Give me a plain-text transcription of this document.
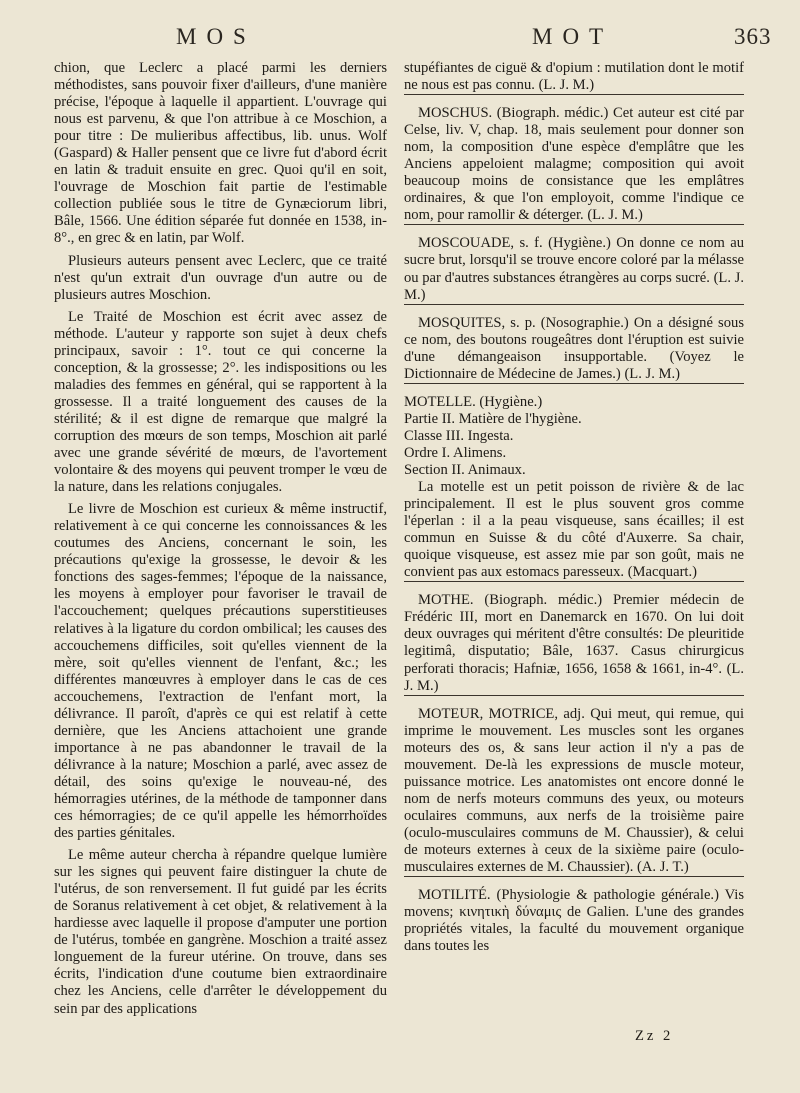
MOS	MOT	363

chion, que Leclerc a placé parmi les derniers méthodistes, sans pouvoir fixer d'ailleurs, d'une manière précise, l'époque à laquelle il appartient. L'ouvrage qui nous est parvenu, & que l'on attribue à ce Moschion, a pour titre : De mulieribus affectibus, lib. unus. Wolf (Gaspard) & Haller pensent que ce livre fut d'abord écrit en latin & traduit ensuite en grec. Quoi qu'il en soit, l'ouvrage de Moschion fait partie de l'estimable collection publiée sous le titre de Gynæciorum libri, Bâle, 1566. Une édition séparée fut donnée en 1538, in-8°., en grec & en latin, par Wolf.

Plusieurs auteurs pensent avec Leclerc, que ce traité n'est qu'un extrait d'un ouvrage d'un autre ou de plusieurs autres Moschion.

Le Traité de Moschion est écrit avec assez de méthode. L'auteur y rapporte son sujet à deux chefs principaux, savoir : 1°. tout ce qui concerne la conception, & la grossesse; 2°. les indispositions ou les maladies des femmes en général, qui se rapportent à la grossesse. Il a traité longuement des causes de la stérilité; & il est digne de remarque que malgré la corruption des mœurs de son temps, Moschion ait parlé avec une grande sévérité de mœurs, de l'avortement volontaire & des moyens qui peuvent tromper le vœu de la nature, dans les relations conjugales.

Le livre de Moschion est curieux & même instructif, relativement à ce qui concerne les connoissances & les coutumes des Anciens, concernant le soin, les précautions qu'exige la grossesse, le devoir & les fonctions des sages-femmes; l'époque de la naissance, les moyens à employer pour favoriser le travail de l'accouchement; quelques précautions superstitieuses relatives à la ligature du cordon ombilical; les causes des accouchemens difficiles, soit qu'elles viennent de la mère, soit qu'elles viennent de l'enfant, &c.; les différentes manœuvres à employer dans le cas de ces accouchemens, l'extraction de l'enfant mort, la délivrance. Il paroît, d'après ce qui est relatif à cette dernière, que les Anciens attachoient une grande importance à ne pas abandonner le travail de la délivrance à la nature; Moschion a parlé, avec assez de détail, des soins qu'exige le nouveau-né, des hémorragies utérines, de la méthode de tamponner dans ces hémorragies; de ce qu'il appelle les hémorrhoïdes des parties génitales.

Le même auteur chercha à répandre quelque lumière sur les signes qui peuvent faire distinguer la chute de l'utérus, de son renversement. Il fut guidé par les écrits de Soranus relativement à cet objet, & relativement à la hardiesse avec laquelle il propose d'amputer une portion de l'utérus, tombée en gangrène. Moschion a traité assez longuement de la fureur utérine. On trouve, dans ses écrits, l'indication d'une coutume bien extraordinaire chez les Anciens, celle d'arrêter le développement du sein par des applications

stupéfiantes de ciguë & d'opium : mutilation dont le motif ne nous est pas connu. (L. J. M.)

MOSCHUS. (Biograph. médic.) Cet auteur est cité par Celse, liv. V, chap. 18, mais seulement pour donner son nom, la composition d'une espèce d'emplâtre que les Anciens appeloient malagme; composition qui avoit beaucoup moins de consistance que les emplâtres ordinaires, & que l'on employoit, comme l'indique ce nom, pour ramollir & déterger. (L. J. M.)

MOSCOUADE, s. f. (Hygiène.) On donne ce nom au sucre brut, lorsqu'il se trouve encore coloré par la mélasse ou par d'autres substances étrangères au corps sucré. (L. J. M.)

MOSQUITES, s. p. (Nosographie.) On a désigné sous ce nom, des boutons rougeâtres dont l'éruption est suivie d'une démangeaison insupportable. (Voyez le Dictionnaire de Médecine de James.) (L. J. M.)

MOTELLE. (Hygiène.)

Partie II. Matière de l'hygiène.

Classe III. Ingesta.

Ordre I. Alimens.

Section II. Animaux.

La motelle est un petit poisson de rivière & de lac principalement. Il est le plus souvent gros comme l'éperlan : il a la peau visqueuse, sans écailles; il est commun en Suisse & du côté d'Auxerre. Sa chair, quoique visqueuse, est assez mie par son goût, mais ne convient pas aux estomacs paresseux. (Macquart.)

MOTHE. (Biograph. médic.) Premier médecin de Frédéric III, mort en Danemarck en 1670. On lui doit deux ouvrages qui méritent d'être consultés: De pleuritide legitimâ, disputatio; Bâle, 1637. Casus chirurgicus perforati thoracis; Hafniæ, 1656, 1658 & 1661, in-4°. (L. J. M.)

MOTEUR, MOTRICE, adj. Qui meut, qui remue, qui imprime le mouvement. Les muscles sont les organes moteurs des os, & sans leur action il n'y a pas de mouvement. De-là les expressions de muscle moteur, puissance motrice. Les anatomistes ont encore donné le nom de nerfs moteurs communs des yeux, ou moteurs oculaires communs, aux nerfs de la troisième paire (oculo-musculaires communs de M. Chaussier), & celui de moteurs externes à ceux de la sixième paire (oculo-musculaires externes de M. Chaussier). (A. J. T.)

MOTILITÉ. (Physiologie & pathologie générale.) Vis movens; κινητικὴ δύναμις de Galien. L'une des grandes propriétés vitales, la faculté du mouvement organique dans toutes les

Zz 2
